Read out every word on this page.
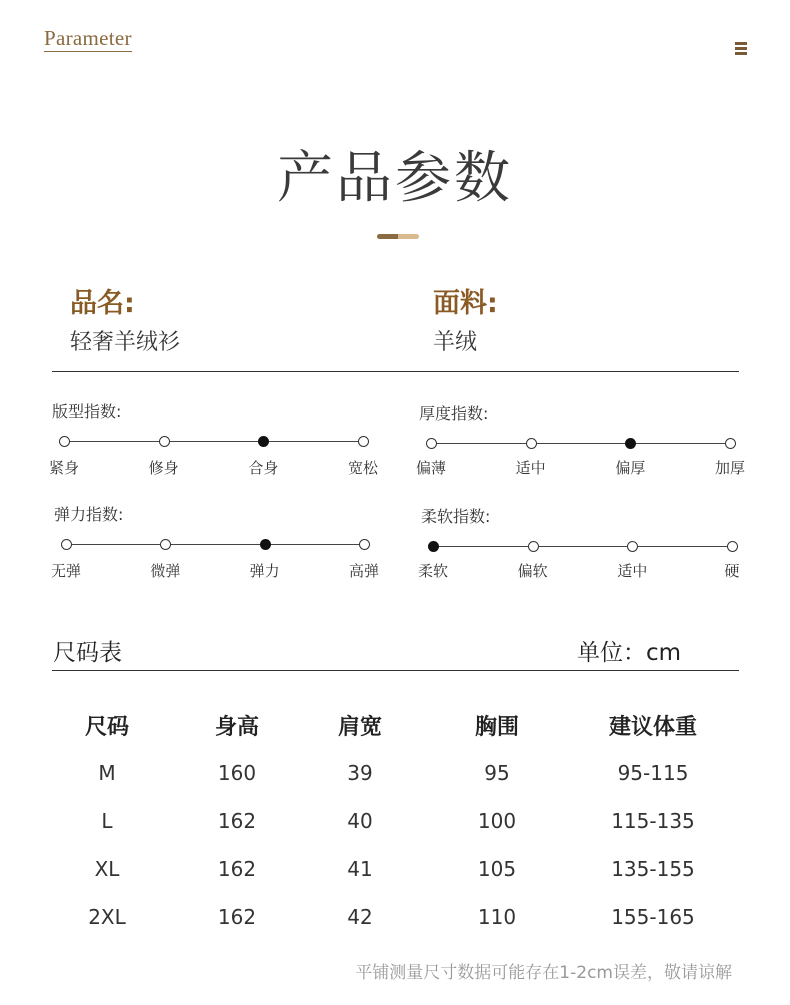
Parameter
产品参数
品名:
轻奢羊绒衫
面料:
羊绒
版型指数:
紧身	修身	合身	宽松
厚度指数:
偏薄	适中	偏厚	加厚
弹力指数:
无弹	微弹	弹力	高弹
柔软指数:
柔软	偏软	适中	硬
尺码表	单位：cm
尺码	身高	肩宽	胸围	建议体重
M	160	39	95	95-115
L	162	40	100	115-135
XL	162	41	105	135-155
2XL	162	42	110	155-165
平铺测量尺寸数据可能存在1-2cm误差，敬请谅解
